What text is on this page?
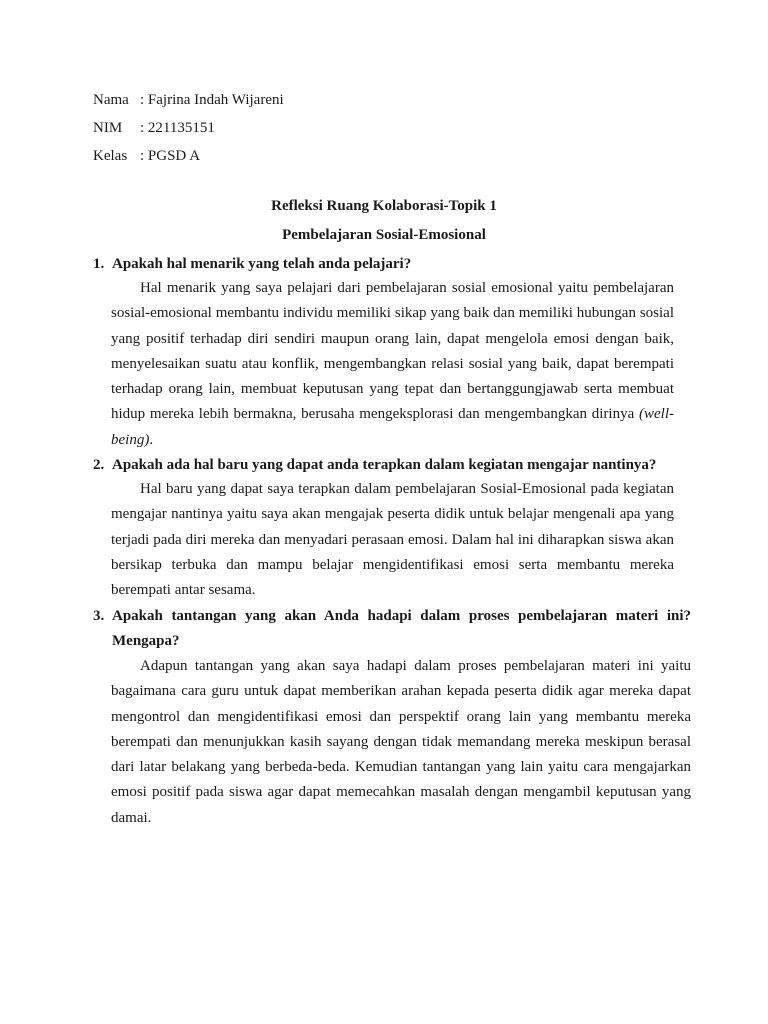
Nama : Fajrina Indah Wijareni
NIM	: 221135151
Kelas : PGSD A
Refleksi Ruang Kolaborasi-Topik 1
Pembelajaran Sosial-Emosional
1. Apakah hal menarik yang telah anda pelajari?
Hal menarik yang saya pelajari dari pembelajaran sosial emosional yaitu pembelajaran sosial-emosional membantu individu memiliki sikap yang baik dan memiliki hubungan sosial yang positif terhadap diri sendiri maupun orang lain, dapat mengelola emosi dengan baik, menyelesaikan suatu atau konflik, mengembangkan relasi sosial yang baik, dapat berempati terhadap orang lain, membuat keputusan yang tepat dan bertanggungjawab serta membuat hidup mereka lebih bermakna, berusaha mengeksplorasi dan mengembangkan dirinya (well-being).
2. Apakah ada hal baru yang dapat anda terapkan dalam kegiatan mengajar nantinya?
Hal baru yang dapat saya terapkan dalam pembelajaran Sosial-Emosional pada kegiatan mengajar nantinya yaitu saya akan mengajak peserta didik untuk belajar mengenali apa yang terjadi pada diri mereka dan menyadari perasaan emosi. Dalam hal ini diharapkan siswa akan bersikap terbuka dan mampu belajar mengidentifikasi emosi serta membantu mereka berempati antar sesama.
3. Apakah tantangan yang akan Anda hadapi dalam proses pembelajaran materi ini? Mengapa?
Adapun tantangan yang akan saya hadapi dalam proses pembelajaran materi ini yaitu bagaimana cara guru untuk dapat memberikan arahan kepada peserta didik agar mereka dapat mengontrol dan mengidentifikasi emosi dan perspektif orang lain yang membantu mereka berempati dan menunjukkan kasih sayang dengan tidak memandang mereka meskipun berasal dari latar belakang yang berbeda-beda. Kemudian tantangan yang lain yaitu cara mengajarkan emosi positif pada siswa agar dapat memecahkan masalah dengan mengambil keputusan yang damai.
